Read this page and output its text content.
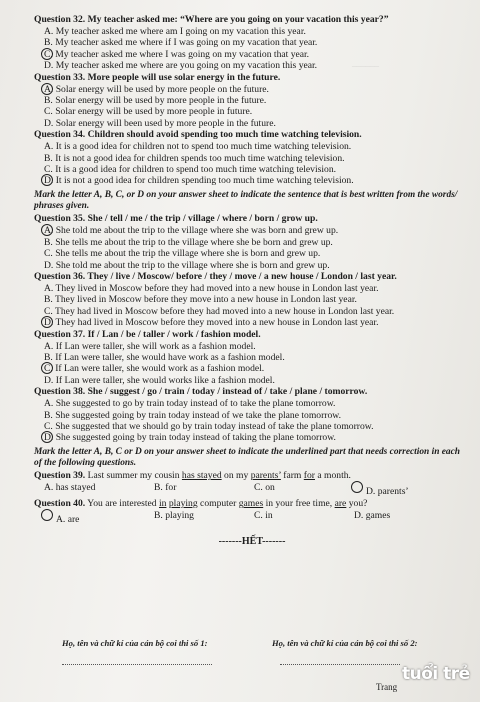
______
Question 32. My teacher asked me: “Where are you going on your vacation this year?”
A. My teacher asked me where am I going on my vacation this year.
B. My teacher asked me where if I was going on my vacation that year.
C. My teacher asked me where I was going on my vacation that year.
D. My teacher asked me where are you going on my vacation this year.
Question 33. More people will use solar energy in the future.
A. Solar energy will be used by more people on the future.
B. Solar energy will be used by more people in the future.
C. Solar energy will be used by more people in future.
D. Solar energy will been used by more people in the future.
Question 34. Children should avoid spending too much time watching television.
A. It is a good idea for children not to spend too much time watching television.
B. It is not a good idea for children spends too much time watching television.
C. It is a good idea for children to spend too much time watching television.
D. It is not a good idea for children spending too much time watching television.
Mark the letter A, B, C, or D on your answer sheet to indicate the sentence that is best written from the words/ phrases given.
Question 35. She / tell / me / the trip / village / where / born / grow up.
A. She told me about the trip to the village where she was born and grew up.
B. She tells me about the trip to the village where she be born and grew up.
C. She tells me about the trip the village where she is born and grew up.
D. She told me about the trip to the village where she is born and grew up.
Question 36. They / live / Moscow/ before / they / move / a new house / London / last year.
A. They lived in Moscow before they had moved into a new house in London last year.
B. They lived in Moscow before they move into a new house in London last year.
C. They had lived in Moscow before they had moved into a new house in London last year.
D. They had lived in Moscow before they moved into a new house in London last year.
Question 37. If / Lan / be / taller / work / fashion model.
A. If Lan were taller, she will work as a fashion model.
B. If Lan were taller, she would have work as a fashion model.
C. If Lan were taller, she would work as a fashion model.
D. If Lan were taller, she would works like a fashion model.
Question 38. She / suggest / go / train / today / instead of / take / plane / tomorrow.
A. She suggested to go by train today instead of to take the plane tomorrow.
B. She suggested going by train today instead of we take the plane tomorrow.
C. She suggested that we should go by train today instead of take the plane tomorrow.
D. She suggested going by train today instead of taking the plane tomorrow.
Mark the letter A, B, C or D on your answer sheet to indicate the underlined part that needs correction in each of the following questions.
Question 39. Last summer my cousin has stayed on my parents’ farm for a month.
A. has stayed	B. for	C. on	D. parents’
Question 40. You are interested in playing computer games in your free time, are you?
A. are	B. playing	C. in	D. games
-------HẾT-------
Họ, tên và chữ kí của cán bộ coi thi số 1:	Họ, tên và chữ kí của cán bộ coi thi số 2:
Trang
tuổi trẻ
